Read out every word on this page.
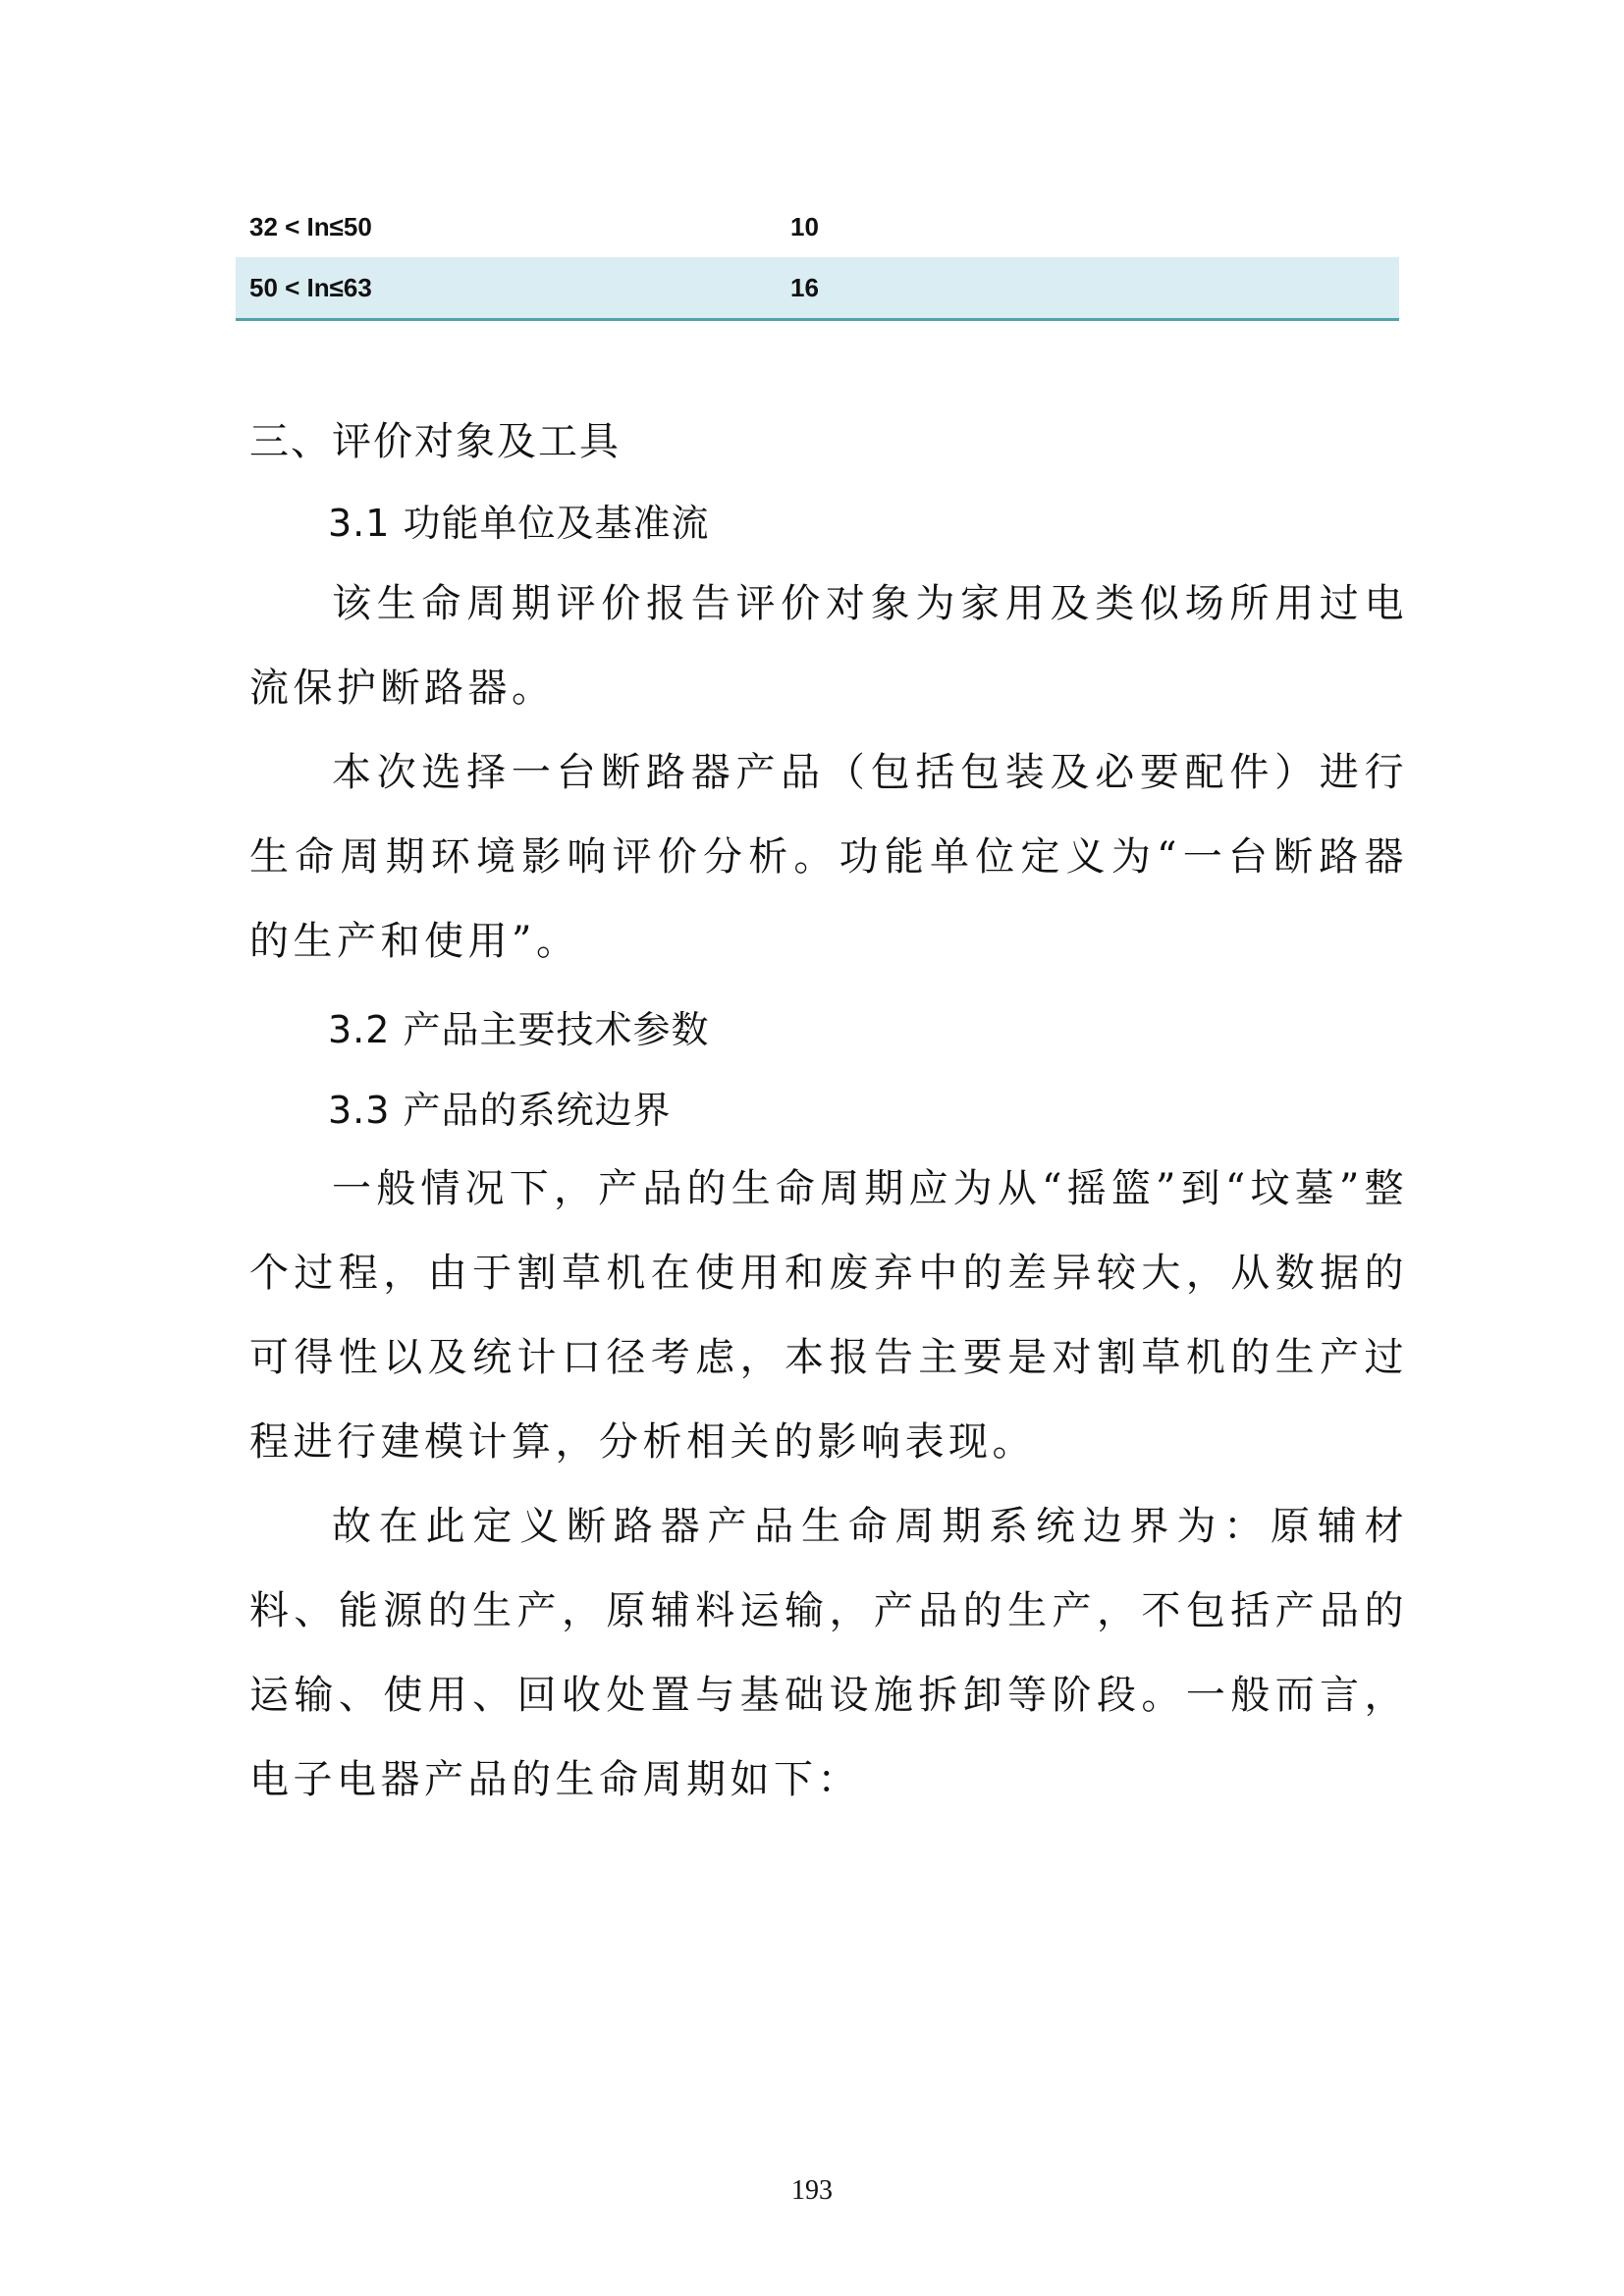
32 < In≤50	10
50 < In≤63	16
三、评价对象及工具
3.1 功能单位及基准流

该生命周期评价报告评价对象为家用及类似场所用过电流保护断路器。

本次选择一台断路器产品（包括包装及必要配件）进行生命周期环境影响评价分析。功能单位定义为“一台断路器的生产和使用”。

3.2 产品主要技术参数
3.3 产品的系统边界

一般情况下，产品的生命周期应为从“摇篮”到“坟墓”整个过程，由于割草机在使用和废弃中的差异较大，从数据的可得性以及统计口径考虑，本报告主要是对割草机的生产过程进行建模计算，分析相关的影响表现。

故在此定义断路器产品生命周期系统边界为：原辅材料、能源的生产，原辅料运输，产品的生产，不包括产品的运输、使用、回收处置与基础设施拆卸等阶段。一般而言，电子电器产品的生命周期如下：

193
